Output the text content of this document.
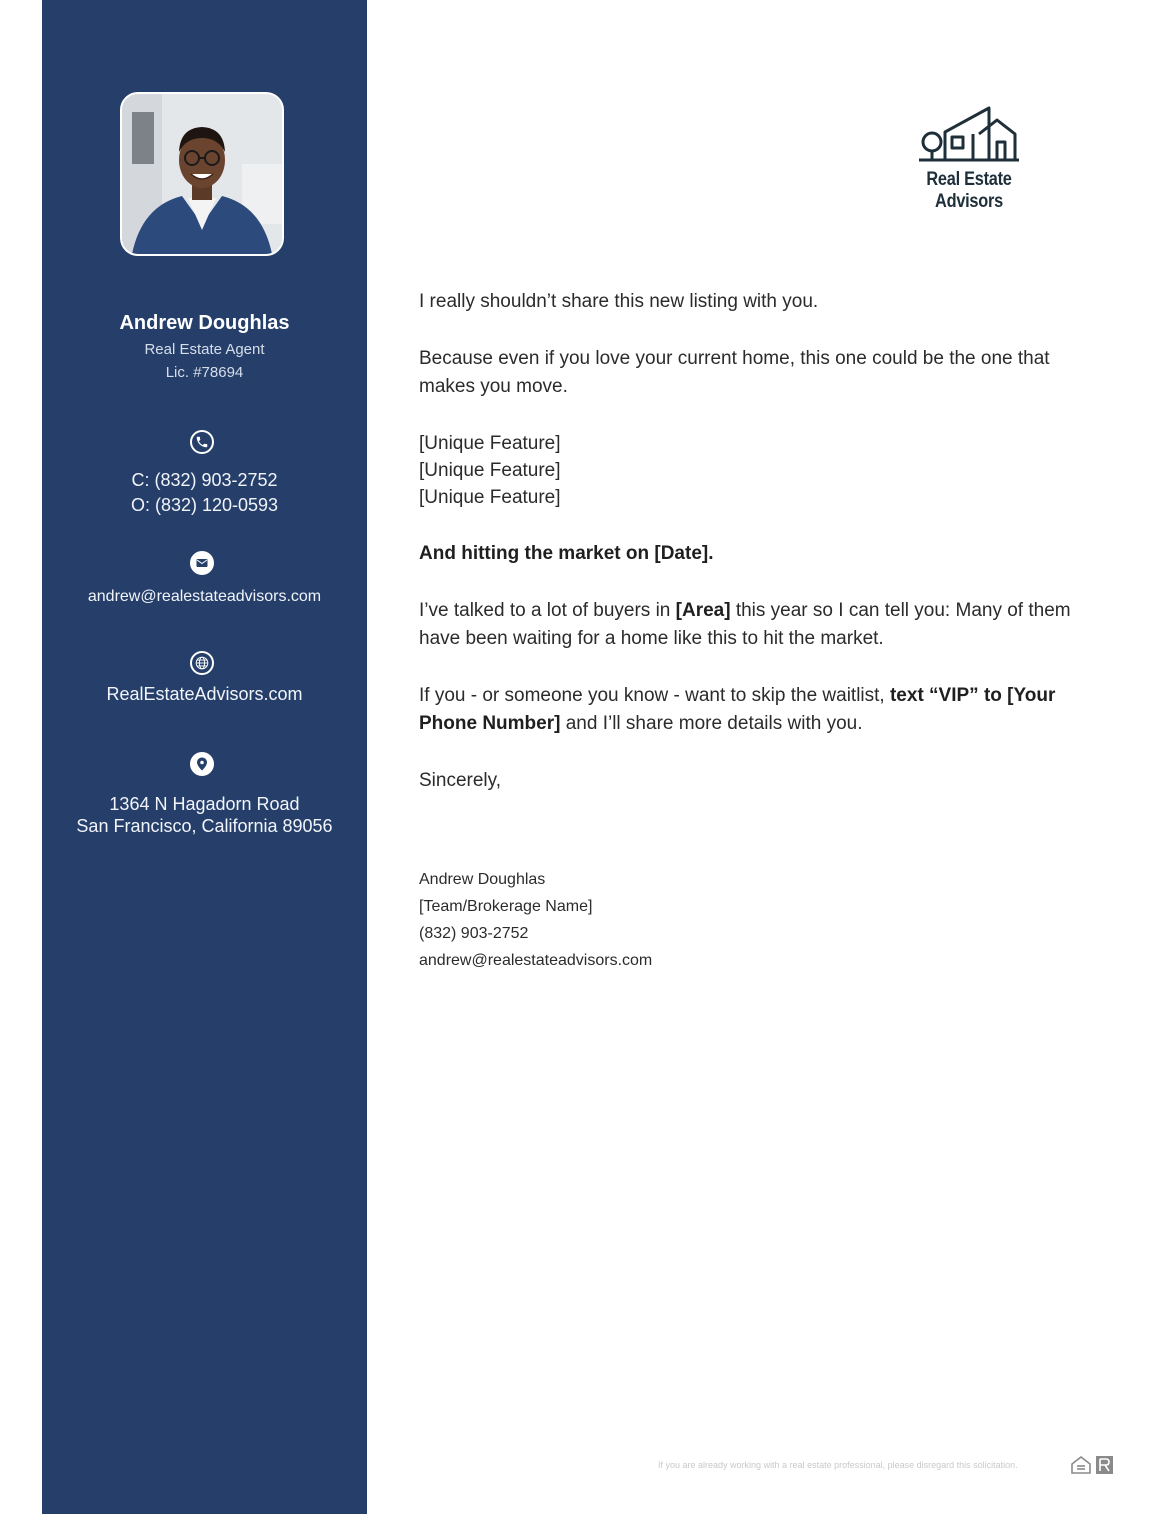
Andrew Doughlas
Real Estate Agent
Lic. #78694
C: (832) 903-2752
O: (832) 120-0593
andrew@realestateadvisors.com
RealEstateAdvisors.com
1364 N Hagadorn Road
San Francisco, California 89056
Real Estate Advisors

I really shouldn’t share this new listing with you.

Because even if you love your current home, this one could be the one that makes you move.

[Unique Feature]

[Unique Feature]

[Unique Feature]

And hitting the market on [Date].

I’ve talked to a lot of buyers in [Area] this year so I can tell you: Many of them have been waiting for a home like this to hit the market.

If you - or someone you know - want to skip the waitlist, text “VIP” to [Your Phone Number] and I’ll share more details with you.

Sincerely,

Andrew Doughlas
[Team/Brokerage Name]
(832) 903-2752
andrew@realestateadvisors.com
If you are already working with a real estate professional, please disregard this solicitation.
